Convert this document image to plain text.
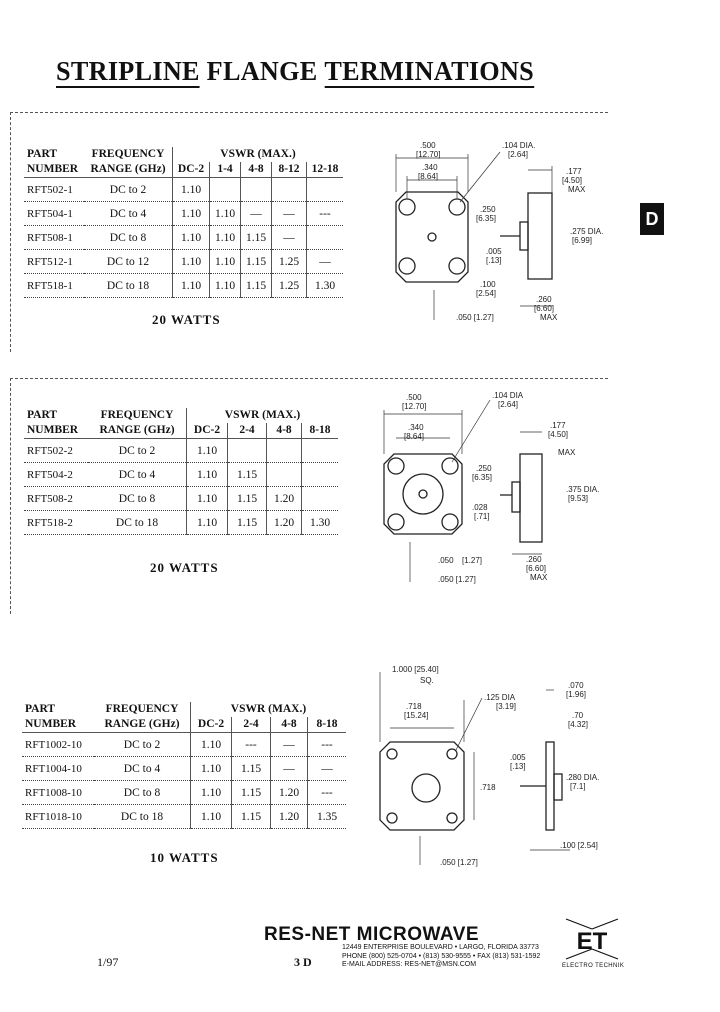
STRIPLINE FLANGE TERMINATIONS
D
PART	FREQUENCY	VSWR (MAX.)				
NUMBER	RANGE (GHz)	DC-2	1-4	4-8	8-12	12-18
RFT502-1	DC to 2	1.10				
RFT504-1	DC to 4	1.10	1.10	—	—	---
RFT508-1	DC to 8	1.10	1.10	1.15	—	
RFT512-1	DC to 12	1.10	1.10	1.15	1.25	—
RFT518-1	DC to 18	1.10	1.10	1.15	1.25	1.30
20 WATTS
.500
[12.70]
.340
[8.64]
.104 DIA.
[2.64]
.177
[4.50]
MAX
.250
[6.35]
.275 DIA.
[6.99]
.005
[.13]
.100
[2.54]
.260
[6.60]
MAX
.050 [1.27]
PART	FREQUENCY	VSWR (MAX.)			
NUMBER	RANGE (GHz)	DC-2	2-4	4-8	8-18
RFT502-2	DC to 2	1.10			
RFT504-2	DC to 4	1.10	1.15		
RFT508-2	DC to 8	1.10	1.15	1.20	
RFT518-2	DC to 18	1.10	1.15	1.20	1.30
20 WATTS
.500
[12.70]
.340
[8.64]
.104 DIA
[2.64]
.177
[4.50]
MAX
.250
[6.35]
.375 DIA.
[9.53]
.028
[.71]
.050 [1.27]	.260
[6.60]
MAX
.050 [1.27]
PART	FREQUENCY	VSWR (MAX.)			
NUMBER	RANGE (GHz)	DC-2	2-4	4-8	8-18
RFT1002-10	DC to 2	1.10	---	—	---
RFT1004-10	DC to 4	1.10	1.15	—	—
RFT1008-10	DC to 8	1.10	1.15	1.20	---
RFT1018-10	DC to 18	1.10	1.15	1.20	1.35
10 WATTS
1.000 [25.40]
SQ.
.718
[15.24]
.125 DIA
[3.19]
.070
[1.96]
.70
[4.32]
.718
.280 DIA.
[7.1]
.005
[.13]
.100 [2.54]
.050 [1.27]
1/97	3 D
RES-NET MICROWAVE
12449 ENTERPRISE BOULEVARD • LARGO, FLORIDA 33773
PHONE (800) 525-0704 • (813) 530-9555 • FAX (813) 531-1592
E-MAIL ADDRESS: RES-NET@MSN.COM
ET
ELECTRO TECHNIK
